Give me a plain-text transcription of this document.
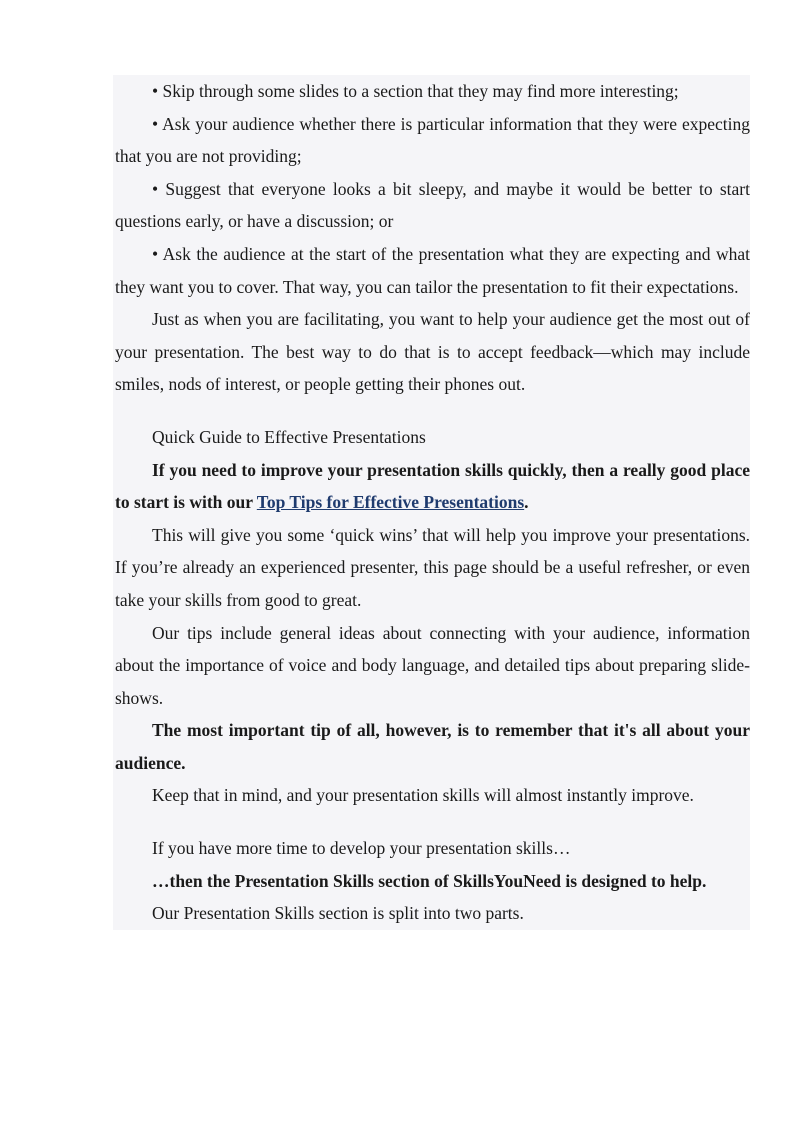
• Skip through some slides to a section that they may find more interesting;

• Ask your audience whether there is particular information that they were expecting that you are not providing;

• Suggest that everyone looks a bit sleepy, and maybe it would be better to start questions early, or have a discussion; or

• Ask the audience at the start of the presentation what they are expecting and what they want you to cover. That way, you can tailor the presentation to fit their expectations.

Just as when you are facilitating, you want to help your audience get the most out of your presentation. The best way to do that is to accept feedback—which may include smiles, nods of interest, or people getting their phones out.

Quick Guide to Effective Presentations

If you need to improve your presentation skills quickly, then a really good place to start is with our Top Tips for Effective Presentations.

This will give you some ‘quick wins’ that will help you improve your presentations. If you’re already an experienced presenter, this page should be a useful refresher, or even take your skills from good to great.

Our tips include general ideas about connecting with your audience, information about the importance of voice and body language, and detailed tips about preparing slide-shows.

The most important tip of all, however, is to remember that it's all about your audience.

Keep that in mind, and your presentation skills will almost instantly improve.

If you have more time to develop your presentation skills…

…then the Presentation Skills section of SkillsYouNeed is designed to help.

Our Presentation Skills section is split into two parts.
